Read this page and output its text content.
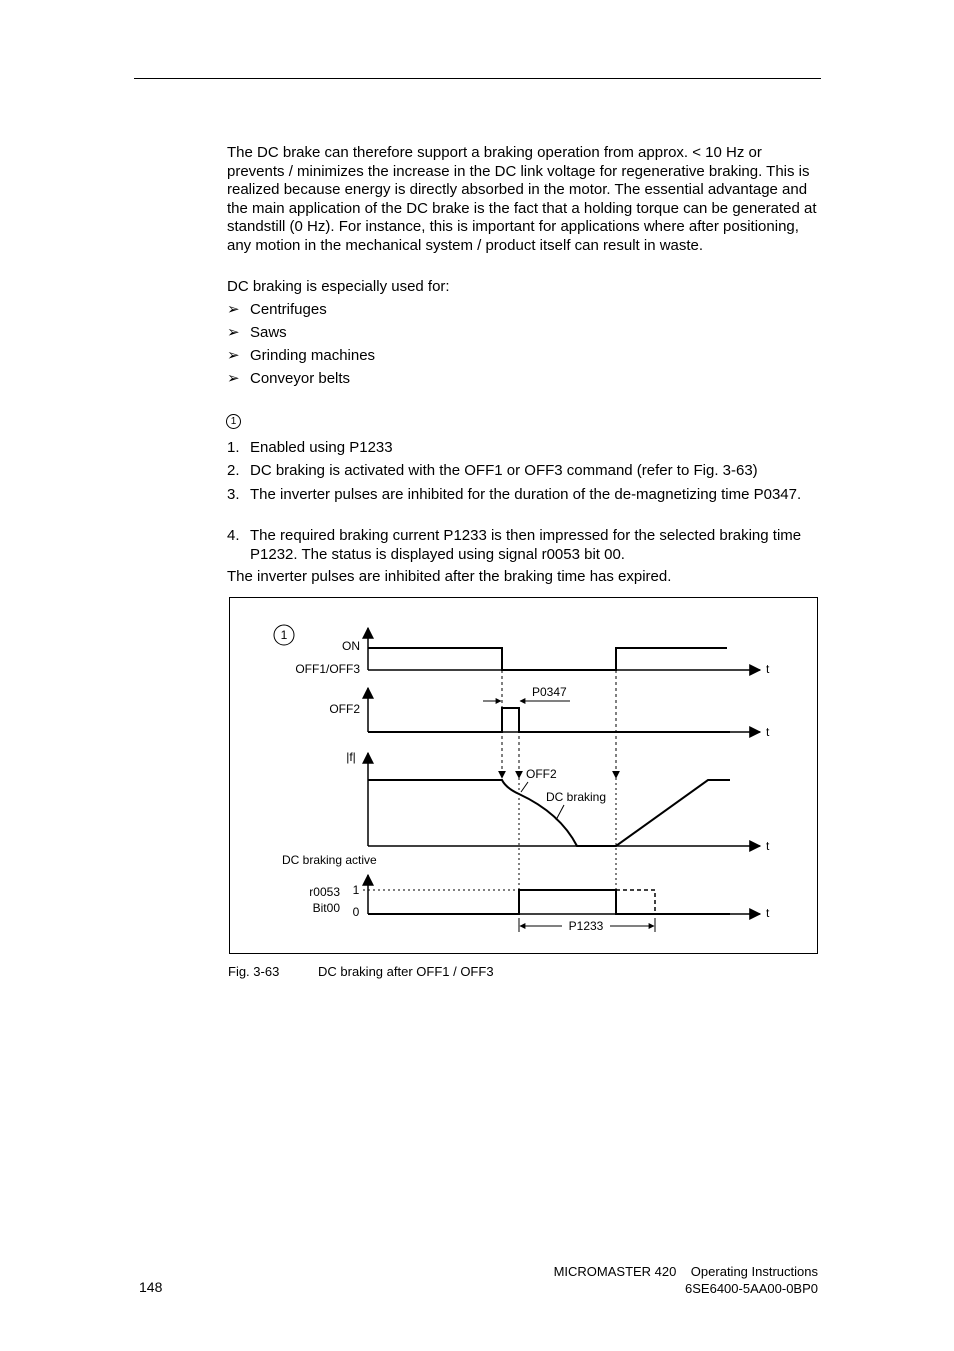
The DC brake can therefore support a braking operation from approx. < 10 Hz or prevents / minimizes the increase in the DC link voltage for regenerative braking. This is realized because energy is directly absorbed in the motor. The essential advantage and the main application of the DC brake is the fact that a holding torque can be generated at standstill (0 Hz). For instance, this is important for applications where after positioning, any motion in the mechanical system / product itself can result in waste.

DC braking is especially used for:

➢ Centrifuges
➢ Saws
➢ Grinding machines
➢ Conveyor belts
1
1. Enabled using P1233
2. DC braking is activated with the OFF1 or OFF3 command (refer to Fig. 3-63)
3. The inverter pulses are inhibited for the duration of the de-magnetizing time P0347.
4. The required braking current P1233 is then impressed for the selected braking time P1232. The status is displayed using signal r0053 bit 00.

The inverter pulses are inhibited after the braking time has expired.

1
ON
OFF1/OFF3	t
OFF2
t
P0347
|f|
OFF2
DC braking
t
DC braking active
r0053
Bit00
1
0	t
P1233
Fig. 3-63	DC braking after OFF1 / OFF3
148
MICROMASTER 420    Operating Instructions
6SE6400-5AA00-0BP0
